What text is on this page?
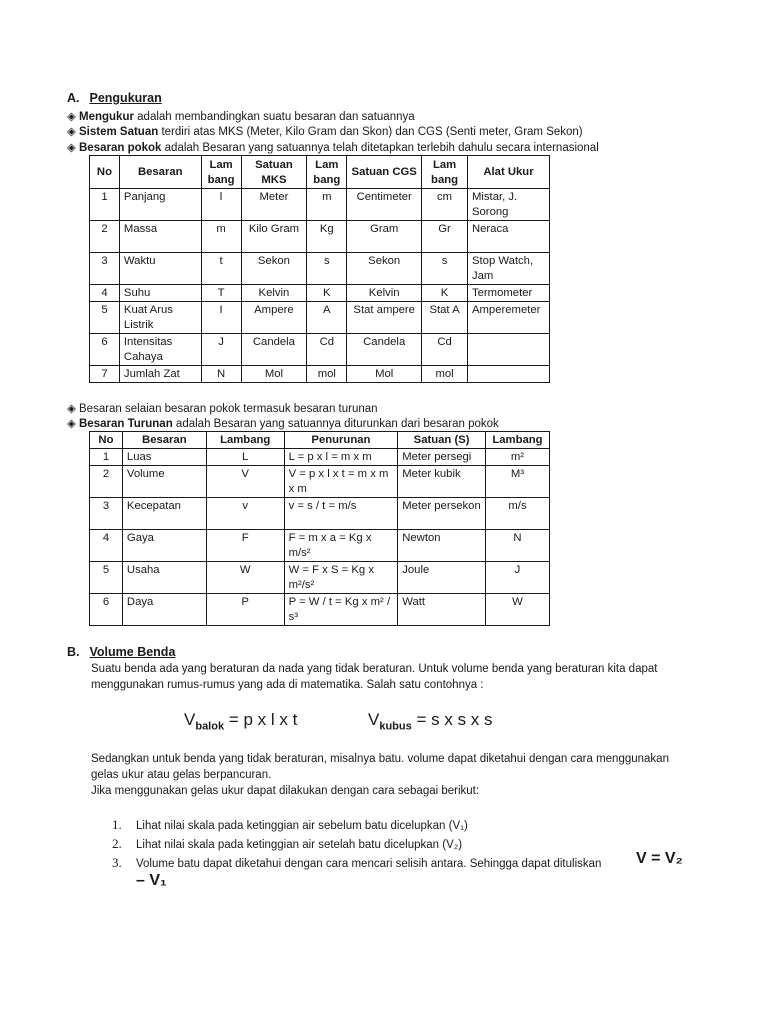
A. Pengukuran
◈ Mengukur adalah membandingkan suatu besaran dan satuannya
◈ Sistem Satuan terdiri atas MKS (Meter, Kilo Gram dan Skon) dan CGS (Senti meter, Gram Sekon)
◈ Besaran pokok adalah Besaran yang satuannya telah ditetapkan terlebih dahulu secara internasional
No	Besaran	Lam bang	Satuan MKS	Lam bang	Satuan CGS	Lam bang	Alat Ukur
1	Panjang	l	Meter	m	Centimeter	cm	Mistar, J. Sorong
2	Massa	m	Kilo Gram	Kg	Gram	Gr	Neraca
3	Waktu	t	Sekon	s	Sekon	s	Stop Watch, Jam
4	Suhu	T	Kelvin	K	Kelvin	K	Termometer
5	Kuat Arus Listrik	I	Ampere	A	Stat ampere	Stat A	Amperemeter
6	Intensitas Cahaya	J	Candela	Cd	Candela	Cd	
7	Jumlah Zat	N	Mol	mol	Mol	mol	
◈ Besaran selaian besaran pokok termasuk besaran turunan
◈ Besaran Turunan adalah Besaran yang satuannya diturunkan dari besaran pokok
No	Besaran	Lambang	Penurunan	Satuan (S)	Lambang
1	Luas	L	L = p x l = m x m	Meter persegi	m²
2	Volume	V	V = p x l x t = m x m x m	Meter kubik	M³
3	Kecepatan	v	v = s / t = m/s	Meter persekon	m/s
4	Gaya	F	F = m x a = Kg x m/s²	Newton	N
5	Usaha	W	W = F x S = Kg x m²/s²	Joule	J
6	Daya	P	P = W / t = Kg x m² / s³	Watt	W
B. Volume Benda
Suatu benda ada yang beraturan da nada yang tidak beraturan. Untuk volume benda yang beraturan kita dapat
menggunakan rumus-rumus yang ada di matematika. Salah satu contohnya :
$V_{balok} = p$ x l x t	$V_{kubus} = s$ x s x s
Sedangkan untuk benda yang tidak beraturan, misalnya batu. volume dapat diketahui dengan cara menggunakan
gelas ukur atau gelas berpancuran.
Jika menggunakan gelas ukur dapat dilakukan dengan cara sebagai berikut:
1. Lihat nilai skala pada ketinggian air sebelum batu dicelupkan (V₁)
2. Lihat nilai skala pada ketinggian air setelah batu dicelupkan (V₂)
3. Volume batu dapat diketahui dengan cara mencari selisih antara. Sehingga dapat dituliskan V = V₂
– V₁
